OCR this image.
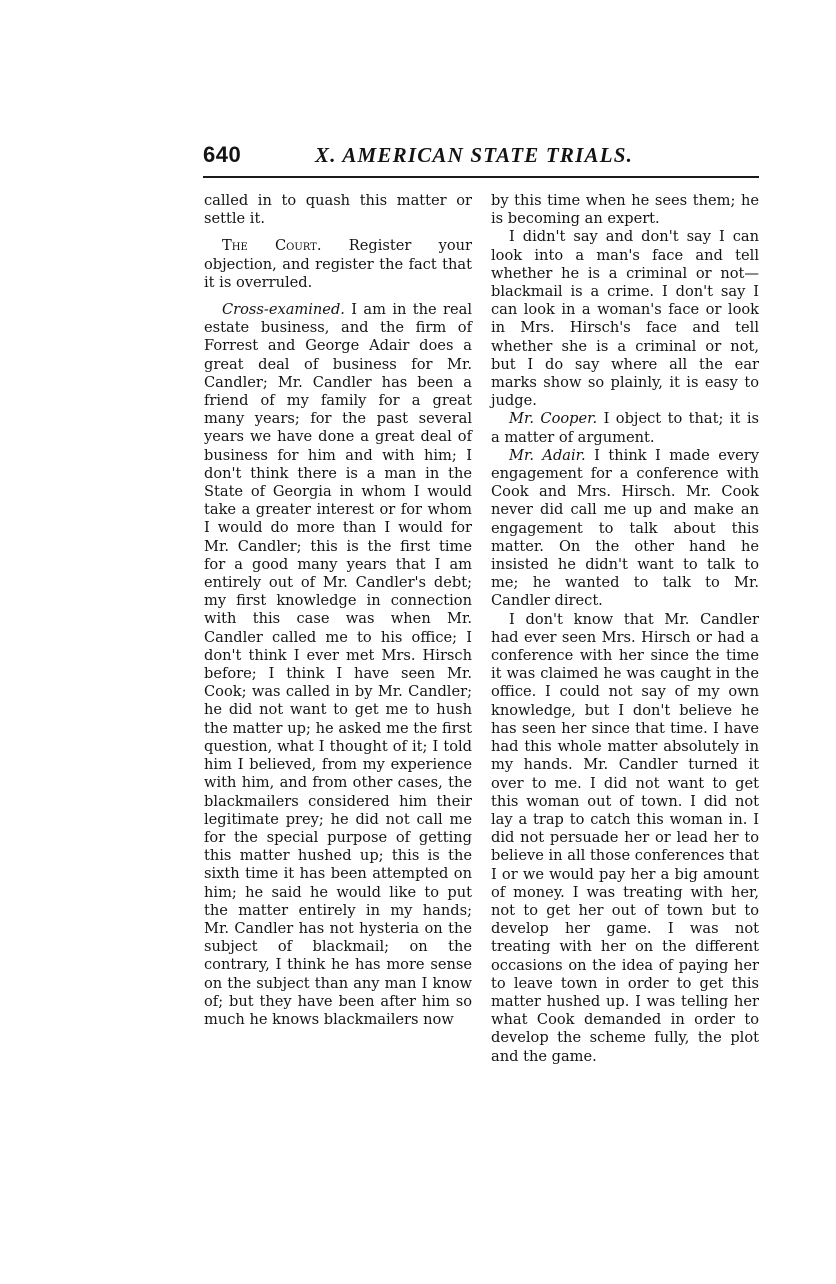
640	X. AMERICAN STATE TRIALS.

called in to quash this matter or settle it.

The Court. Register your objection, and register the fact that it is overruled.

Cross-examined. I am in the real estate business, and the firm of Forrest and George Adair does a great deal of business for Mr. Candler; Mr. Candler has been a friend of my family for a great many years; for the past several years we have done a great deal of business for him and with him; I don't think there is a man in the State of Georgia in whom I would take a greater interest or for whom I would do more than I would for Mr. Candler; this is the first time for a good many years that I am entirely out of Mr. Candler's debt; my first knowledge in connection with this case was when Mr. Candler called me to his office; I don't think I ever met Mrs. Hirsch before; I think I have seen Mr. Cook; was called in by Mr. Candler; he did not want to get me to hush the matter up; he asked me the first question, what I thought of it; I told him I believed, from my experience with him, and from other cases, the blackmailers considered him their legitimate prey; he did not call me for the special purpose of getting this matter hushed up; this is the sixth time it has been attempted on him; he said he would like to put the matter entirely in my hands; Mr. Candler has not hysteria on the subject of blackmail; on the contrary, I think he has more sense on the subject than any man I know of; but they have been after him so much he knows blackmailers now

by this time when he sees them; he is becoming an expert.

I didn't say and don't say I can look into a man's face and tell whether he is a criminal or not—blackmail is a crime. I don't say I can look in a woman's face or look in Mrs. Hirsch's face and tell whether she is a criminal or not, but I do say where all the ear marks show so plainly, it is easy to judge.

Mr. Cooper. I object to that; it is a matter of argument.

Mr. Adair. I think I made every engagement for a conference with Cook and Mrs. Hirsch. Mr. Cook never did call me up and make an engagement to talk about this matter. On the other hand he insisted he didn't want to talk to me; he wanted to talk to Mr. Candler direct.

I don't know that Mr. Candler had ever seen Mrs. Hirsch or had a conference with her since the time it was claimed he was caught in the office. I could not say of my own knowledge, but I don't believe he has seen her since that time. I have had this whole matter absolutely in my hands. Mr. Candler turned it over to me. I did not want to get this woman out of town. I did not lay a trap to catch this woman in. I did not persuade her or lead her to believe in all those conferences that I or we would pay her a big amount of money. I was treating with her, not to get her out of town but to develop her game. I was not treating with her on the different occasions on the idea of paying her to leave town in order to get this matter hushed up. I was telling her what Cook demanded in order to develop the scheme fully, the plot and the game.
